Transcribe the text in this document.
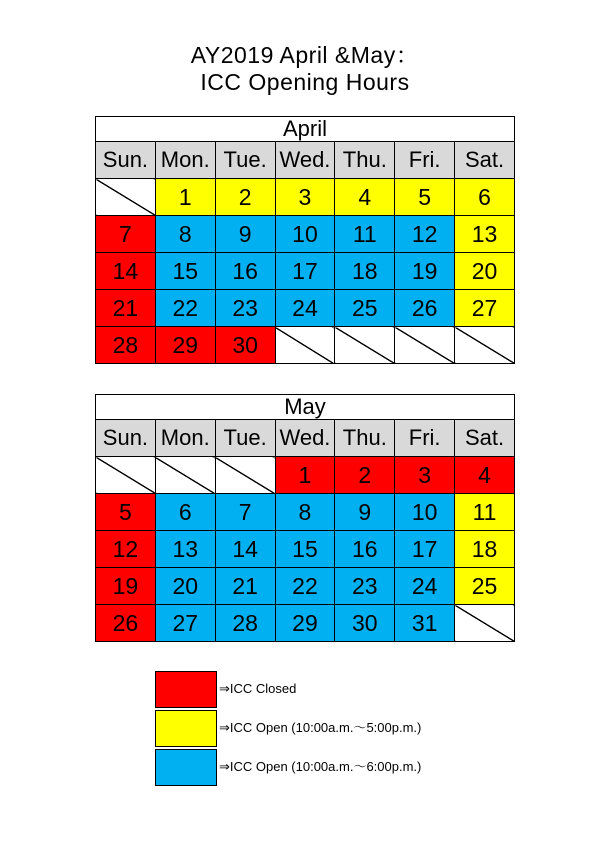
AY2019 April &May：
ICC Opening Hours
April						
Sun.	Mon.	Tue.	Wed.	Thu.	Fri.	Sat.
	1	2	3	4	5	6
7	8	9	10	11	12	13
14	15	16	17	18	19	20
21	22	23	24	25	26	27
28	29	30				
May						
Sun.	Mon.	Tue.	Wed.	Thu.	Fri.	Sat.
			1	2	3	4
5	6	7	8	9	10	11
12	13	14	15	16	17	18
19	20	21	22	23	24	25
26	27	28	29	30	31	
⇒ICC Closed
⇒ICC Open (10:00a.m.～5:00p.m.)
⇒ICC Open (10:00a.m.～6:00p.m.)
